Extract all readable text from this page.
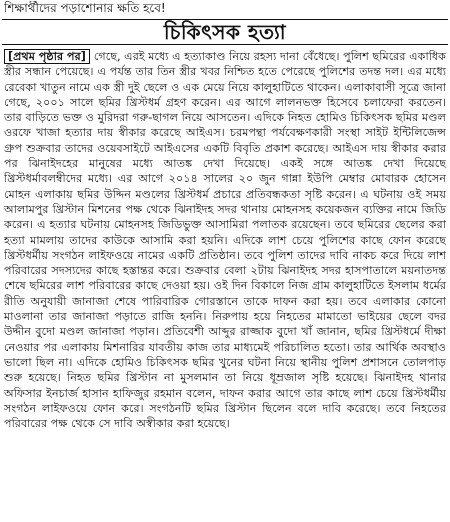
শিক্ষার্থীদের পড়াশোনার ক্ষতি হবে!
চিকিৎসক হত্যা

[প্রথম পৃষ্ঠার পর] গেছে, এরই মধ্যে এ হত্যাকাণ্ড নিয়ে রহস্য দানা বেঁধেছে। পুলিশ ছমিরের একাধিক স্ত্রীর সন্ধান পেয়েছে। এ পর্যন্ত তার তিন স্ত্রীর খবর নিশ্চিত হতে পেরেছে পুলিশের তদন্ত দল। এর মধ্যে রেবেকা খাতুন নামে এক স্ত্রী দুই ছেলে ও এক মেয়ে নিয়ে কালুহাটিতে থাকেন। এলাকাবাসী সূত্রে জানা গেছে, ২০০১ সালে ছমির খ্রিস্টধর্ম গ্রহণ করেন। এর আগে লালনভক্ত হিসেবে চলাফেরা করতেন। তার বাড়িতে ভক্ত ও মুরিদরা গরু-ছাগল নিয়ে আসতেন। এদিকে নিহত হোমিও চিকিৎসক ছমির মণ্ডল ওরফে খাজা হত্যার দায় স্বীকার করেছে আইএস। চরমপন্থা পর্যবেক্ষণকারী সংস্থা সাইট ইন্টিলিজেন্স গ্রুপ শুক্রবার তাদের ওয়েবসাইটে আইএসের একটি বিবৃতি প্রকাশ করেছে। আইএস দায় স্বীকার করার পর ঝিনাইদহের মানুষের মধ্যে আতঙ্ক দেখা দিয়েছে। একই সঙ্গে আতঙ্ক দেখা দিয়েছে খ্রিস্টধর্মাবলম্বীদের মধ্যে। এর আগে ২০১৪ সালের ২০ জুন গান্না ইউপি মেম্বার মোবারক হোসেন মোহন এলাকায় ছমির উদ্দিন মণ্ডলের খ্রিস্টধর্ম প্রচারে প্রতিবন্ধকতা সৃষ্টি করেন। এ ঘটনায় ওই সময় আলামপুর খ্রিস্টান মিশনের পক্ষ থেকে ঝিনাইদহ সদর থানায় মোহনসহ কয়েকজন ব্যক্তির নামে জিডি করেন। এ হত্যার ঘটনায় মোহনসহ জিডিভুক্ত আসামিরা পলাতক রয়েছেন। তবে ছমিরের ছেলের করা হত্যা মামলায় তাদের কাউকে আসামি করা হয়নি। এদিকে লাশ চেয়ে পুলিশের কাছে ফোন করেছে খ্রিস্টধর্মীয় সংগঠন লাইফওয়ে নামের একটি প্রতিষ্ঠান। তবে পুলিশ তাদের দাবি নাকচ করে দিয়ে লাশ পরিবারের সদস্যদের কাছে হস্তান্তর করে। শুক্রবার বেলা ২টায় ঝিনাইদহ সদর হাসপাতালে ময়নাতদন্ত শেষে ছমিরের লাশ পরিবারের কাছে দেওয়া হয়। ওই দিন বিকালে নিজ গ্রাম কালুহাটিতে ইসলাম ধর্মের রীতি অনুযায়ী জানাজা শেষে পারিবারিক গোরস্তানে তাকে দাফন করা হয়। তবে এলাকার কোনো মাওলানা তার জানাজা পড়াতে রাজি হননি। নিরুপায় হয়ে নিহতের মামাতো ভাইয়ের ছেলে বদর উদ্দীন বুদো মণ্ডল জানাজা পড়ান। প্রতিবেশী আব্দুর রাজ্জাক বুদো খাঁ জানান, ছমির খ্রিস্টধর্মে দীক্ষা নেওয়ার পর এলাকায় মিশনারির যাবতীয় কাজ তার মাধ্যমেই পরিচালিত হতো। তার আর্থিক অবস্থাও ভালো ছিল না। এদিকে হোমিও চিকিৎসক ছমির খুনের ঘটনা নিয়ে স্থানীয় পুলিশ প্রশাসনে তোলপাড় শুরু হয়েছে। নিহত ছমির খ্রিস্টান না মুসলমান তা নিয়ে ধূম্রজাল সৃষ্টি হয়েছে। ঝিনাইদহ থানার অফিসার ইনচার্জ হাসান হাফিজুর রহমান বলেন, দাফন করার আগে তার কাছে লাশ চেয়ে খ্রিস্টধর্মীয় সংগঠন লাইফওয়ে ফোন করে। সংগঠনটি ছমির খ্রিস্টান ছিলেন বলে দাবি করেছে। তবে নিহতের পরিবারের পক্ষ থেকে সে দাবি অস্বীকার করা হয়েছে।
